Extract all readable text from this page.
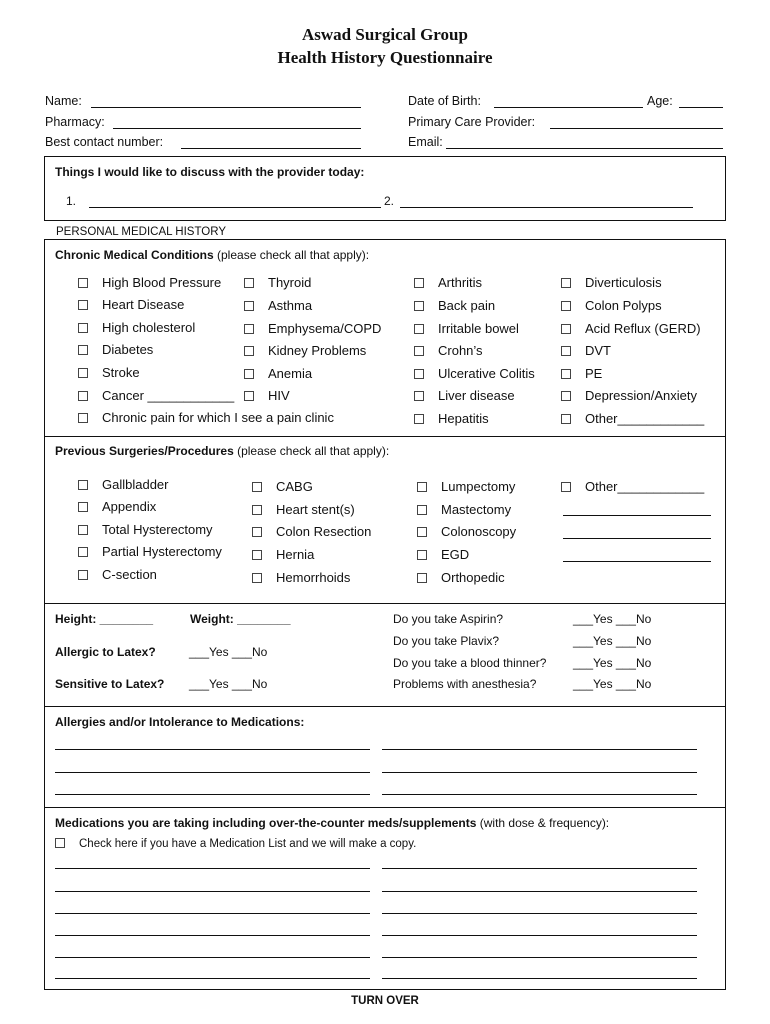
Aswad Surgical Group
Health History Questionnaire
Name:	Date of Birth:	Age:
Pharmacy:	Primary Care Provider:
Best contact number:	Email:
Things I would like to discuss with the provider today:
1.	2.
PERSONAL MEDICAL HISTORY
Chronic Medical Conditions (please check all that apply):
High Blood Pressure
Heart Disease
High cholesterol
Diabetes
Stroke
Cancer ____________
Chronic pain for which I see a pain clinic
Thyroid
Asthma
Emphysema/COPD
Kidney Problems
Anemia
HIV
Arthritis
Back pain
Irritable bowel
Crohn’s
Ulcerative Colitis
Liver disease
Hepatitis
Diverticulosis
Colon Polyps
Acid Reflux (GERD)
DVT
PE
Depression/Anxiety
Other____________
Previous Surgeries/Procedures (please check all that apply):
Gallbladder
Appendix
Total Hysterectomy
Partial Hysterectomy
C-section
CABG
Heart stent(s)
Colon Resection
Hernia
Hemorrhoids
Lumpectomy
Mastectomy
Colonoscopy
EGD
Orthopedic
Other____________
Height: ________	Weight: ________
Allergic to Latex?	___Yes ___No
Sensitive to Latex? ___Yes ___No
Do you take Aspirin?	___Yes ___No
Do you take Plavix?	___Yes ___No
Do you take a blood thinner? ___Yes ___No
Problems with anesthesia?	___Yes ___No
Allergies and/or Intolerance to Medications:
Medications you are taking including over-the-counter meds/supplements (with dose & frequency):
Check here if you have a Medication List and we will make a copy.
TURN OVER
